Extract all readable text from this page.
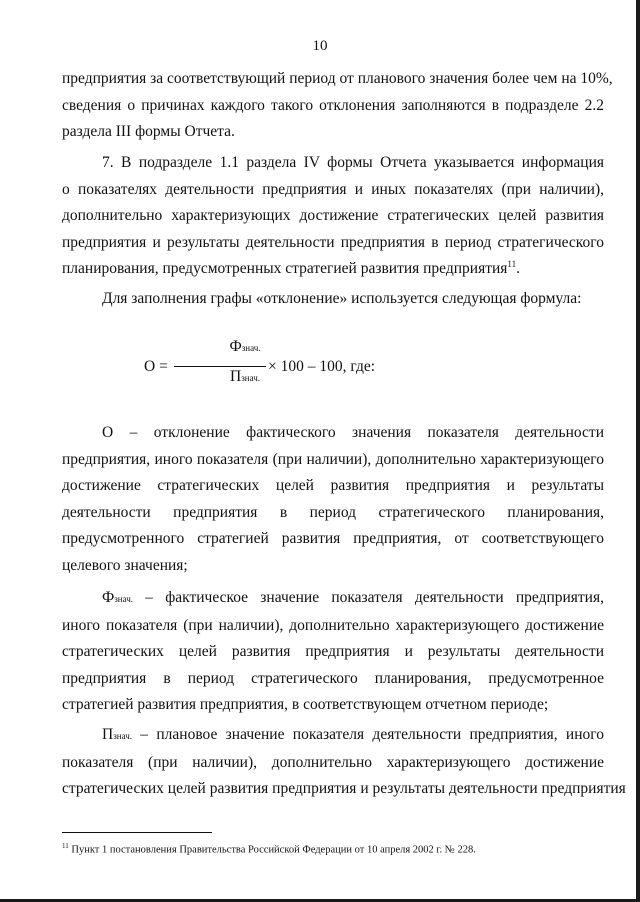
10
предприятия за соответствующий период от планового значения более чем на 10%,
сведения о причинах каждого такого отклонения заполняются в подразделе 2.2
раздела III формы Отчета.
7. В подразделе 1.1 раздела IV формы Отчета указывается информация
о показателях деятельности предприятия и иных показателях (при наличии),
дополнительно характеризующих достижение стратегических целей развития
предприятия и результаты деятельности предприятия в период стратегического
планирования, предусмотренных стратегией развития предприятия$^{11}$.
Для заполнения графы «отклонение» используется следующая формула:
О =
Фзнач.
Пзнач.
× 100 – 100, где:
О – отклонение фактического значения показателя деятельности
предприятия, иного показателя (при наличии), дополнительно характеризующего
достижение стратегических целей развития предприятия и результаты
деятельности предприятия в период стратегического планирования,
предусмотренного стратегией развития предприятия, от соответствующего
целевого значения;
Фзнач. – фактическое значение показателя деятельности предприятия,
иного показателя (при наличии), дополнительно характеризующего достижение
стратегических целей развития предприятия и результаты деятельности
предприятия в период стратегического планирования, предусмотренное
стратегией развития предприятия, в соответствующем отчетном периоде;
Пзнач. – плановое значение показателя деятельности предприятия, иного
показателя (при наличии), дополнительно характеризующего достижение
стратегических целей развития предприятия и результаты деятельности предприятия
$^{11}$ Пункт 1 постановления Правительства Российской Федерации от 10 апреля 2002 г. № 228.
